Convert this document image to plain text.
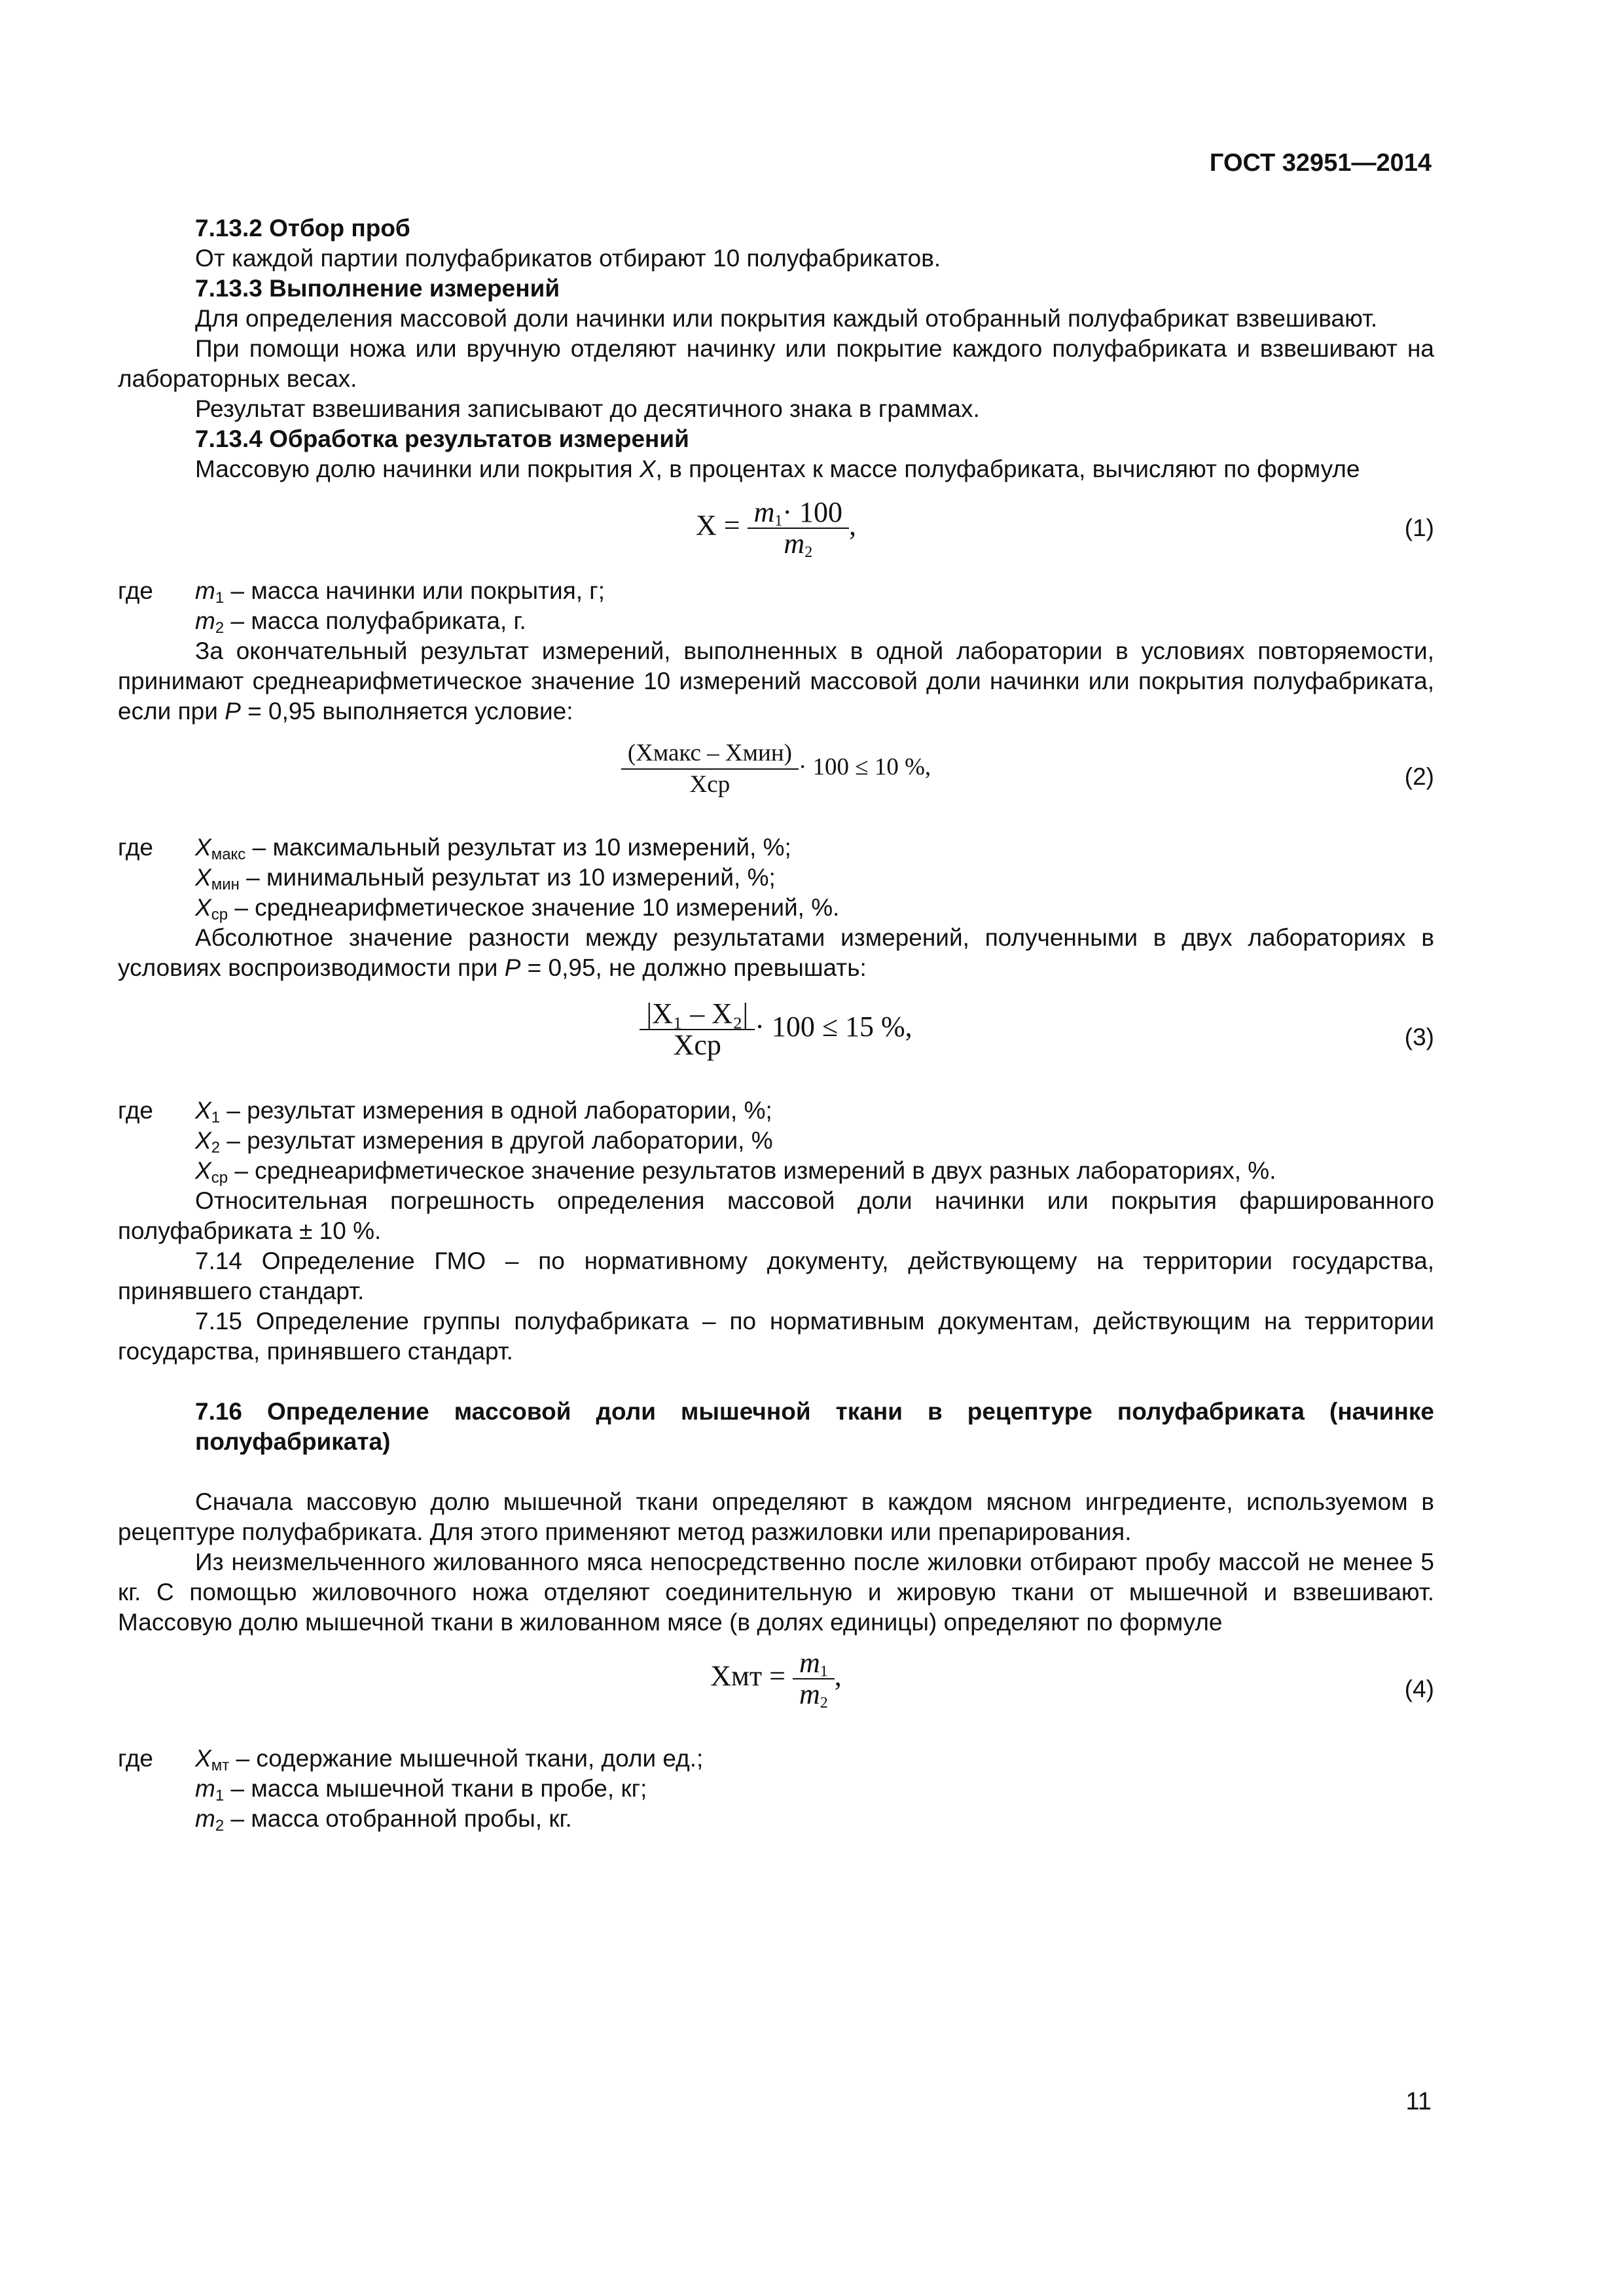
ГОСТ 32951—2014

7.13.2 Отбор проб

От каждой партии полуфабрикатов отбирают 10 полуфабрикатов.

7.13.3 Выполнение измерений

Для определения массовой доли начинки или покрытия каждый отобранный полуфабрикат взвешивают.

При помощи ножа или вручную отделяют начинку или покрытие каждого полуфабриката и взвешивают на лабораторных весах.

Результат взвешивания записывают до десятичного знака в граммах.

7.13.4 Обработка результатов измерений

Массовую долю начинки или покрытия X, в процентах к массе полуфабриката, вычисляют по формуле

$X = \frac{m_1\cdot 100}{m_2}$ ,	(1)
где	$m_1$ – масса начинки или покрытия, г;
$m_2$ – масса полуфабриката, г.

За окончательный результат измерений, выполненных в одной лаборатории в условиях повторяемости, принимают среднеарифметическое значение 10 измерений массовой доли начинки или покрытия полуфабриката, если при P = 0,95 выполняется условие:

$\frac{\text{(Хмакс – Хмин)}}{\text{Хср}} \cdot 100 \le 10$ %,	(2)
где	$X_{макс}$ – максимальный результат из 10 измерений, %;
$X_{мин}$ – минимальный результат из 10 измерений, %;
$X_{ср}$ – среднеарифметическое значение 10 измерений, %.

Абсолютное значение разности между результатами измерений, полученными в двух лабораториях в условиях воспроизводимости при P = 0,95, не должно превышать:

$\frac{\text{|X₁ – X₂|}}{\text{Xср}} \cdot 100 \le 15$ %,	(3)
где	$X_1$ – результат измерения в одной лаборатории, %;
$X_2$ – результат измерения в другой лаборатории, %
$X_{ср}$ – среднеарифметическое значение результатов измерений в двух разных лабораториях, %.

Относительная погрешность определения массовой доли начинки или покрытия фаршированного полуфабриката ± 10 %.

7.14 Определение ГМО – по нормативному документу, действующему на территории государства, принявшего стандарт.

7.15 Определение группы полуфабриката – по нормативным документам, действующим на территории государства, принявшего стандарт.

7.16 Определение массовой доли мышечной ткани в рецептуре полуфабриката (начинке полуфабриката)

Сначала массовую долю мышечной ткани определяют в каждом мясном ингредиенте, используемом в рецептуре полуфабриката. Для этого применяют метод разжиловки или препарирования.

Из неизмельченного жилованного мяса непосредственно после жиловки отбирают пробу массой не менее 5 кг. С помощью жиловочного ножа отделяют соединительную и жировую ткани от мышечной и взвешивают. Массовую долю мышечной ткани в жилованном мясе (в долях единицы) определяют по формуле

Xмт = $\frac{m_1}{m_2}$ ,	(4)
где	$X_{мт}$ – содержание мышечной ткани, доли ед.;
$m_1$ – масса мышечной ткани в пробе, кг;
$m_2$ – масса отобранной пробы, кг.
11
